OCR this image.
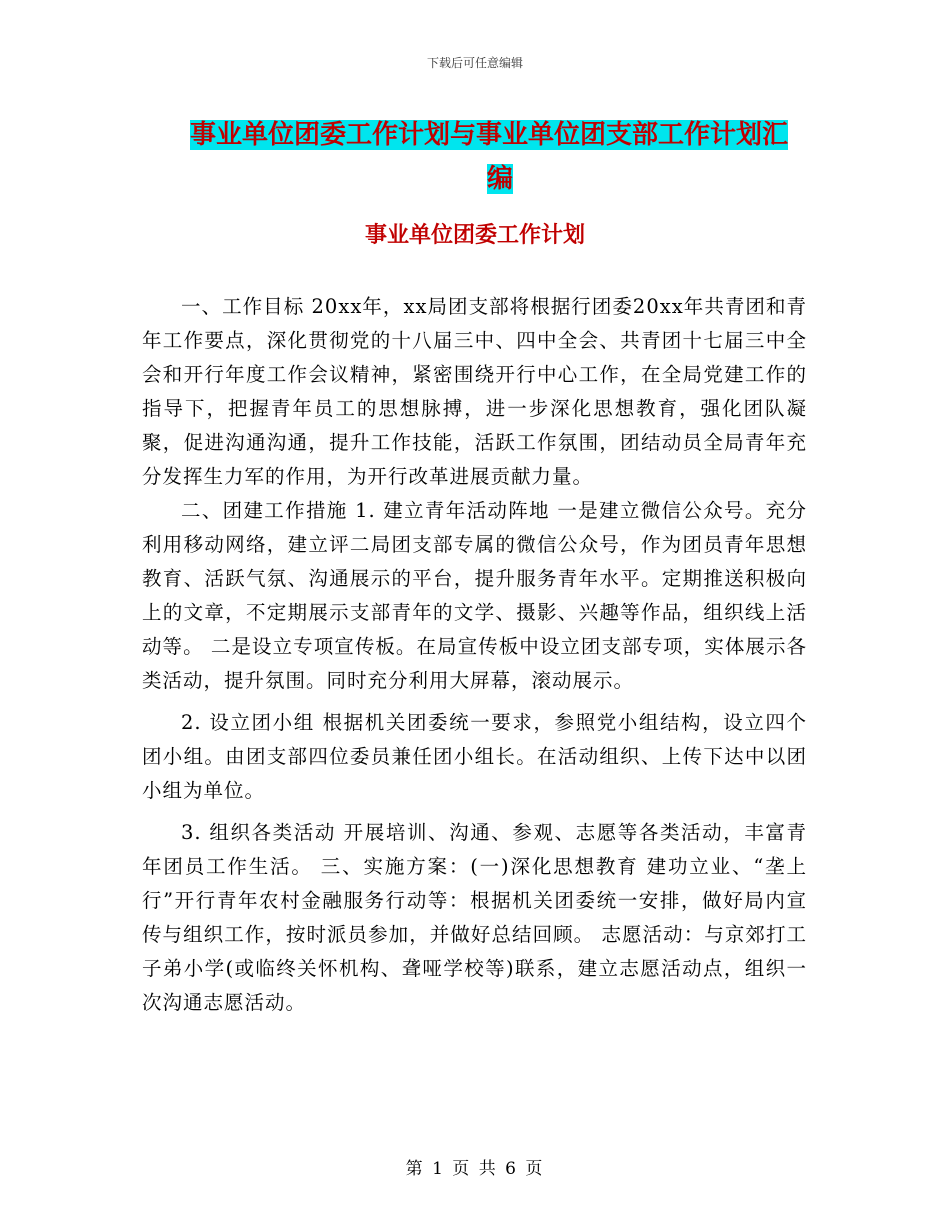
下载后可任意编辑
事业单位团委工作计划与事业单位团支部工作计划汇
编
事业单位团委工作计划

一、工作目标 20xx年，xx局团支部将根据行团委20xx年共青团和青年工作要点，深化贯彻党的十八届三中、四中全会、共青团十七届三中全会和开行年度工作会议精神，紧密围绕开行中心工作，在全局党建工作的指导下，把握青年员工的思想脉搏，进一步深化思想教育，强化团队凝聚，促进沟通沟通，提升工作技能，活跃工作氛围，团结动员全局青年充分发挥生力军的作用，为开行改革进展贡献力量。

二、团建工作措施 1. 建立青年活动阵地 一是建立微信公众号。充分利用移动网络，建立评二局团支部专属的微信公众号，作为团员青年思想教育、活跃气氛、沟通展示的平台，提升服务青年水平。定期推送积极向上的文章，不定期展示支部青年的文学、摄影、兴趣等作品，组织线上活动等。 二是设立专项宣传板。在局宣传板中设立团支部专项，实体展示各类活动，提升氛围。同时充分利用大屏幕，滚动展示。

2. 设立团小组 根据机关团委统一要求，参照党小组结构，设立四个团小组。由团支部四位委员兼任团小组长。在活动组织、上传下达中以团小组为单位。

3. 组织各类活动 开展培训、沟通、参观、志愿等各类活动，丰富青年团员工作生活。 三、实施方案：(一)深化思想教育 建功立业、“垄上行”开行青年农村金融服务行动等：根据机关团委统一安排，做好局内宣传与组织工作，按时派员参加，并做好总结回顾。 志愿活动：与京郊打工子弟小学(或临终关怀机构、聋哑学校等)联系，建立志愿活动点，组织一次沟通志愿活动。

第 1 页 共 6 页
